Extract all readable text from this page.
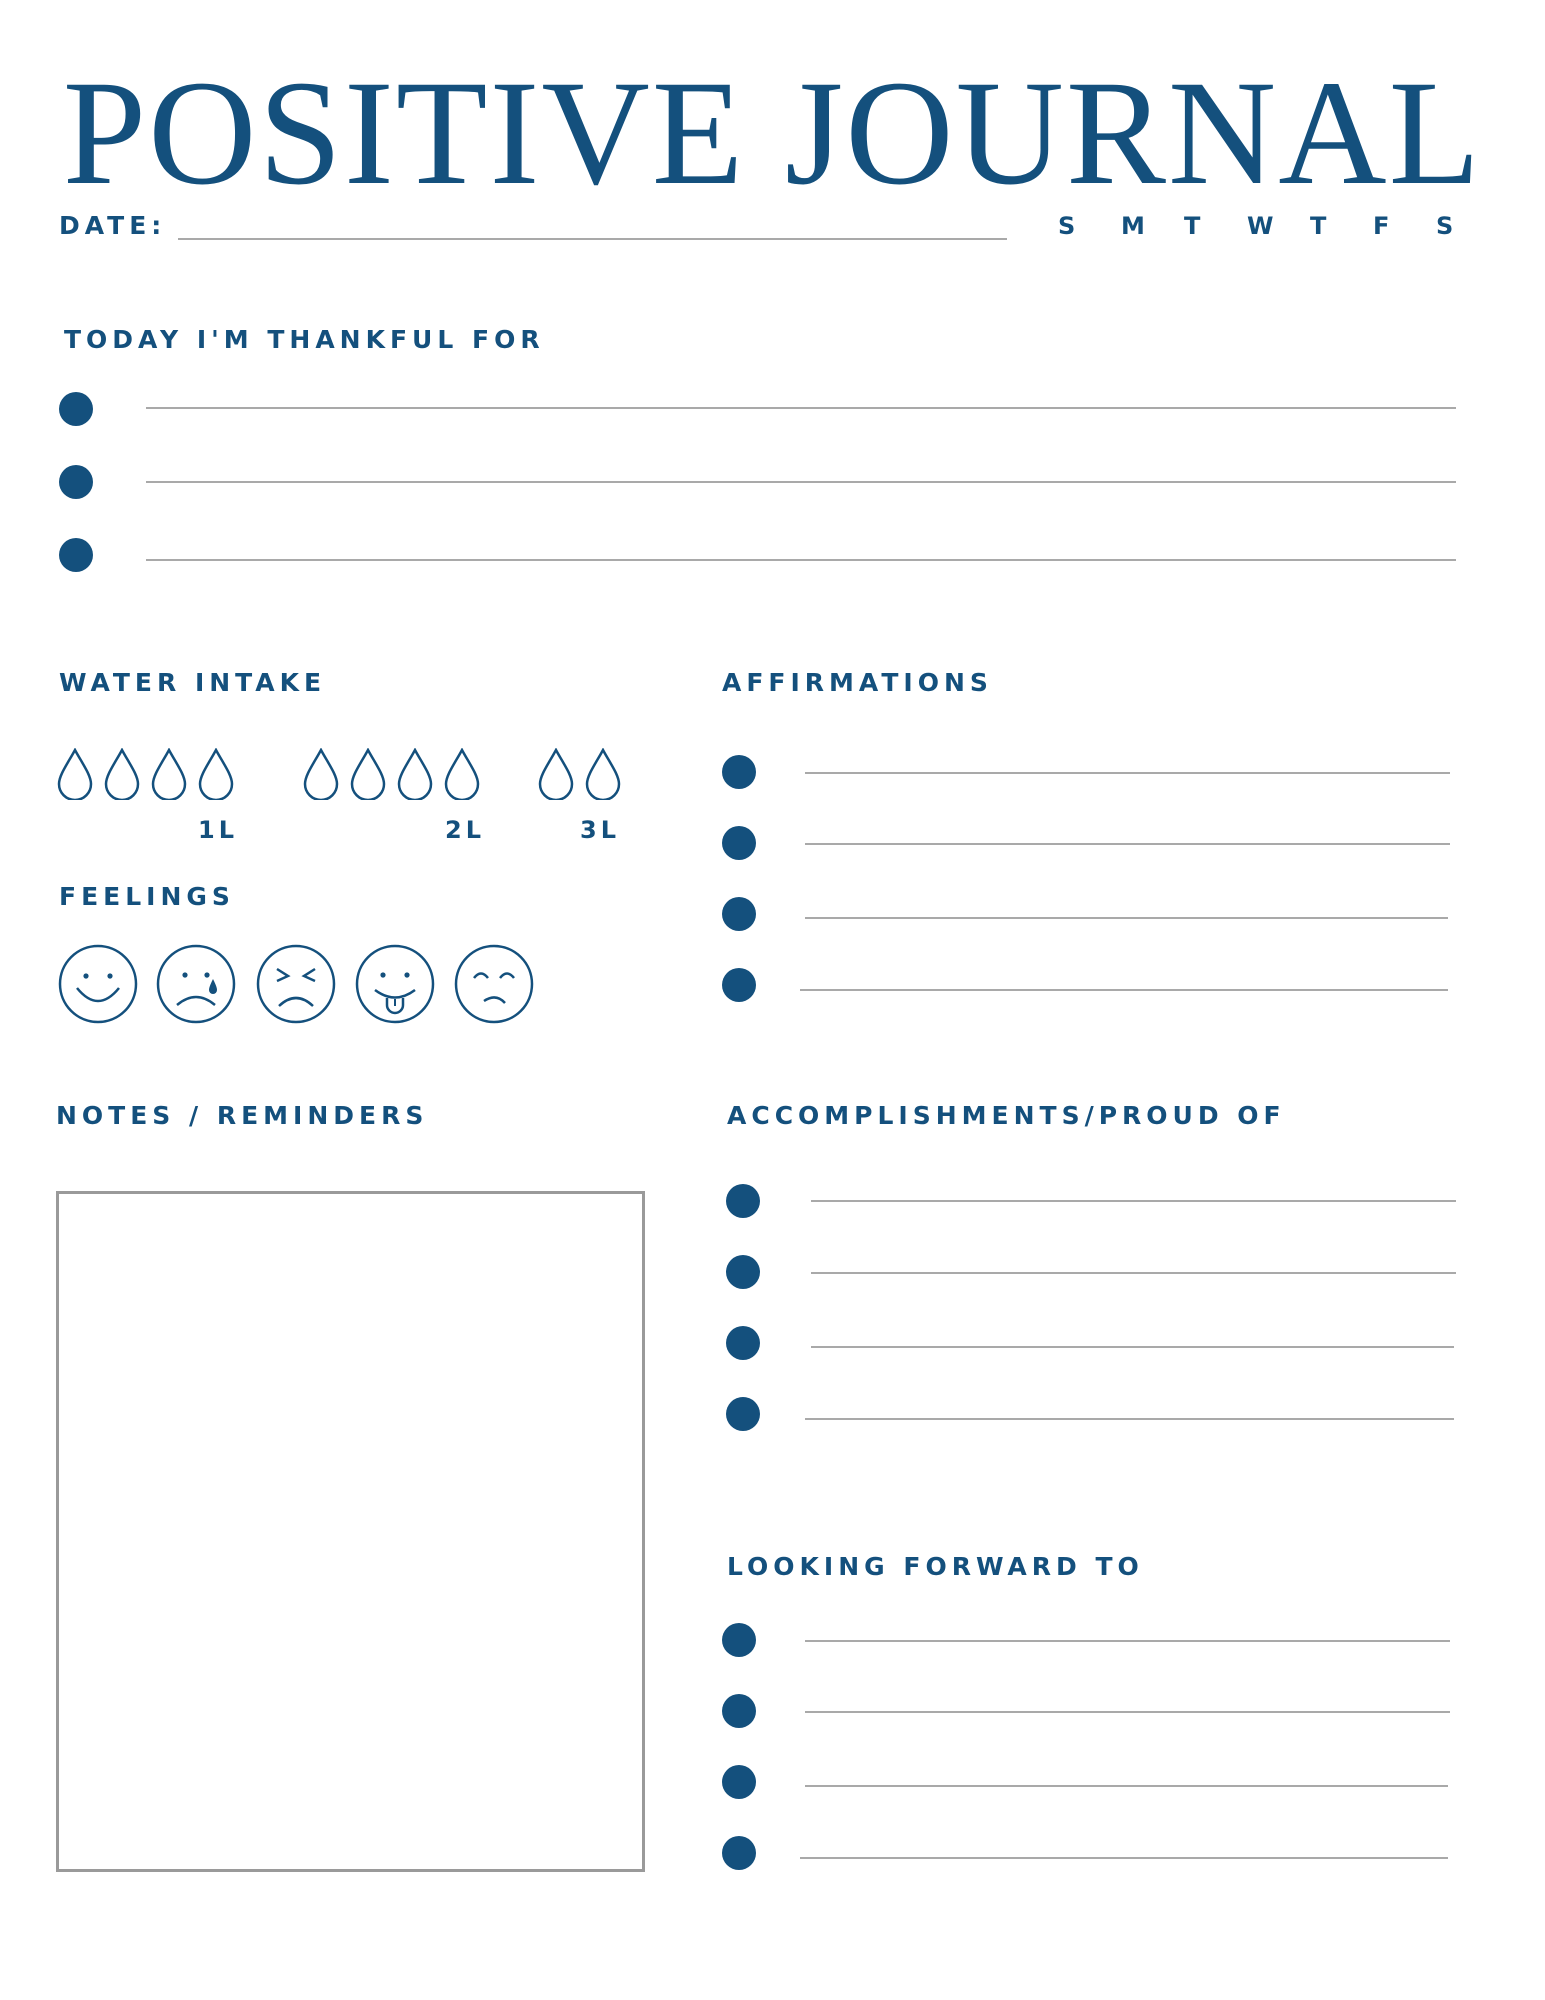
POSITIVE JOURNAL
DATE:	S	M	T	W	T	F	S
TODAY I'M THANKFUL FOR
WATER INTAKE
1L	2L	3L
FEELINGS
AFFIRMATIONS
NOTES / REMINDERS	ACCOMPLISHMENTS/PROUD OF
LOOKING FORWARD TO
